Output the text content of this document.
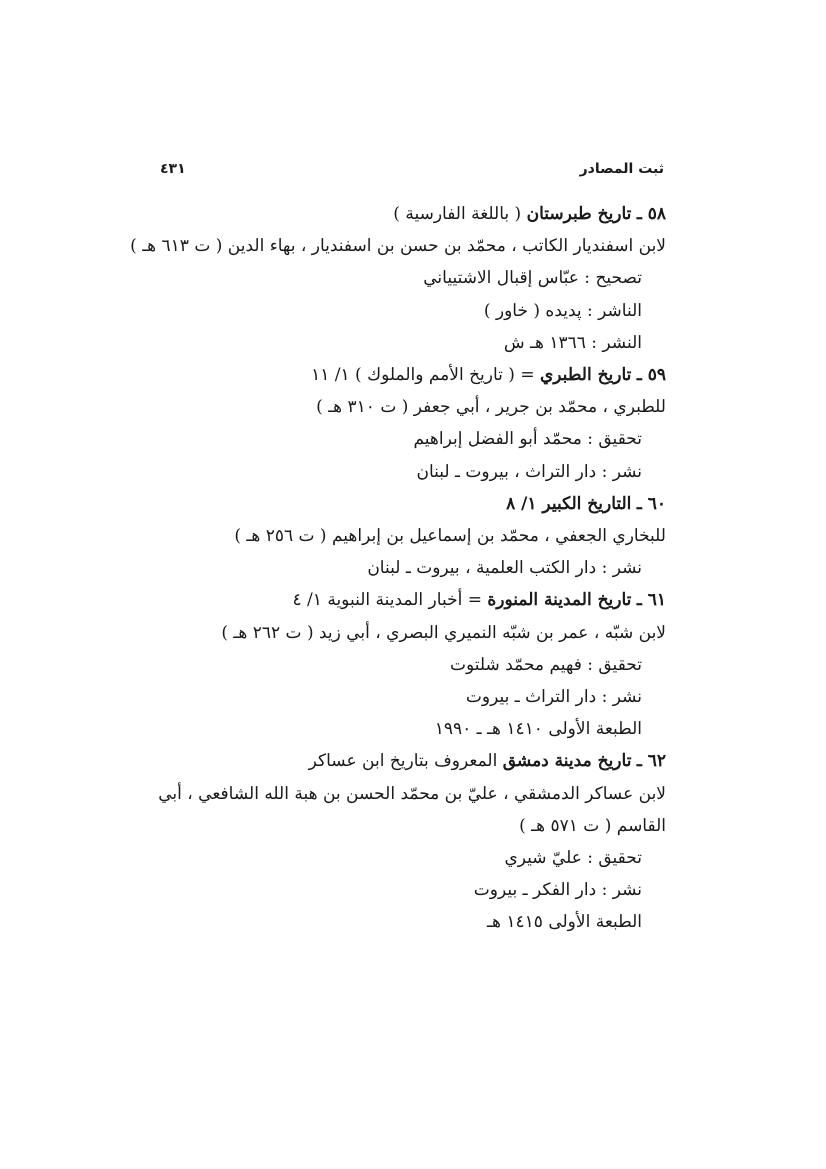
ثبت المصادر
٤٣١
٥٨ ـ تاريخ طبرستان ( باللغة الفارسية )
لابن اسفنديار الكاتب ، محمّد بن حسن بن اسفنديار ، بهاء الدين ( ت ٦١٣ هـ )
تصحيح : عبّاس إقبال الاشتيياني
الناشر : پديده ( خاور )
النشر : ١٣٦٦ هـ ش
٥٩ ـ تاريخ الطبري = ( تاريخ الأمم والملوك ) ١/ ١١
للطبري ، محمّد بن جرير ، أبي جعفر ( ت ٣١٠ هـ )
تحقيق : محمّد أبو الفضل إبراهيم
نشر : دار التراث ، بيروت ـ لبنان
٦٠ ـ التاريخ الكبير ١/ ٨
للبخاري الجعفي ، محمّد بن إسماعيل بن إبراهيم ( ت ٢٥٦ هـ )
نشر : دار الكتب العلمية ، بيروت ـ لبنان
٦١ ـ تاريخ المدينة المنورة = أخبار المدينة النبوية ١/ ٤
لابن شبّه ، عمر بن شبّه النميري البصري ، أبي زيد ( ت ٢٦٢ هـ )
تحقيق : فهيم محمّد شلتوت
نشر : دار التراث ـ بيروت
الطبعة الأولى ١٤١٠ هـ ـ ١٩٩٠
٦٢ ـ تاريخ مدينة دمشق المعروف بتاريخ ابن عساكر
لابن عساكر الدمشقي ، عليّ بن محمّد الحسن بن هبة الله الشافعي ، أبي القاسم ( ت ٥٧١ هـ )
تحقيق : عليّ شيري
نشر : دار الفكر ـ بيروت
الطبعة الأولى ١٤١٥ هـ
